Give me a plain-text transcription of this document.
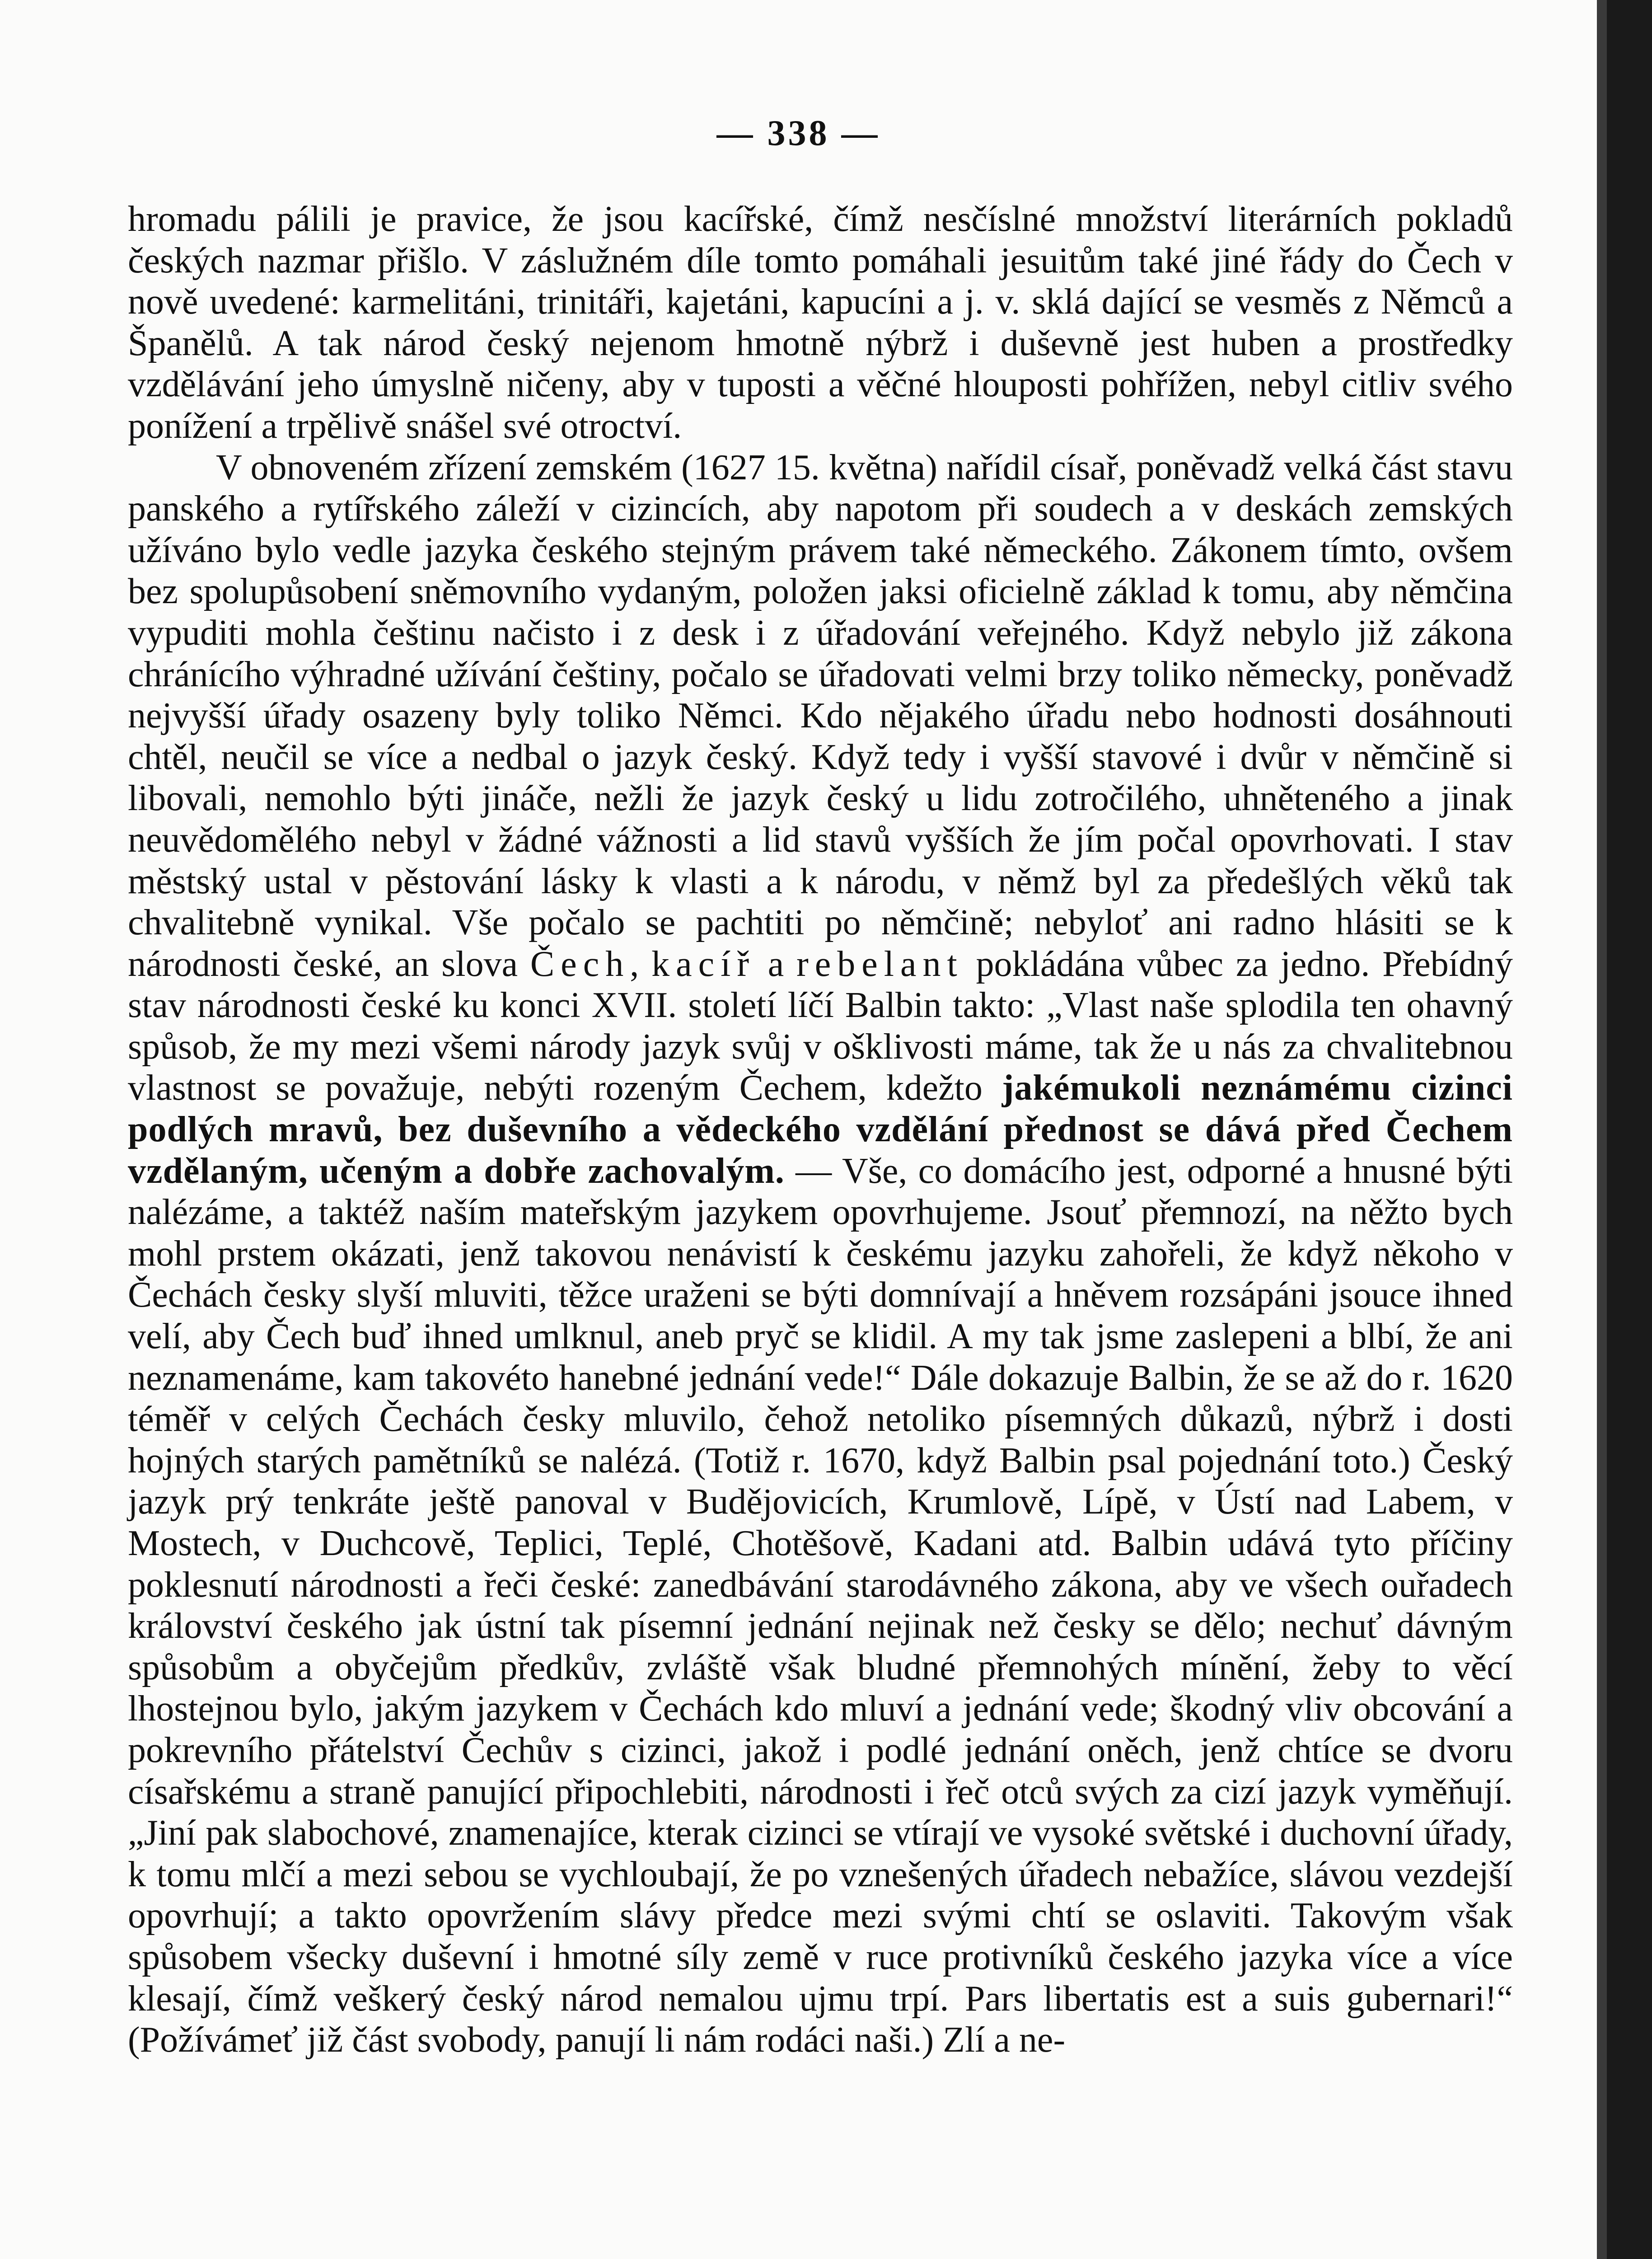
— 338 —

hromadu pálili je pravice, že jsou kacířské, čímž nesčíslné množství literárních pokladů českých nazmar přišlo. V záslužném díle tomto pomáhali jesuitům také jiné řády do Čech v nově uvedené: karmelitáni, trinitáři, kajetáni, kapucíni a j. v. sklá dající se vesměs z Němců a Španělů. A tak národ český nejenom hmotně nýbrž i duševně jest huben a prostředky vzdělávání jeho úmyslně ničeny, aby v tuposti a věčné hlouposti pohřížen, nebyl citliv svého ponížení a trpělivě snášel své otroctví.

V obnoveném zřízení zemském (1627 15. května) nařídil císař, poněvadž velká část stavu panského a rytířského záleží v cizincích, aby napotom při soudech a v deskách zemských užíváno bylo vedle jazyka českého stejným právem také německého. Zákonem tímto, ovšem bez spolupůsobení sněmovního vydaným, položen jaksi oficielně základ k tomu, aby němčina vypuditi mohla češtinu načisto i z desk i z úřadování veřejného. Když nebylo již zákona chránícího výhradné užívání češtiny, počalo se úřadovati velmi brzy toliko německy, poněvadž nejvyšší úřady osazeny byly toliko Němci. Kdo nějakého úřadu nebo hodnosti dosáhnouti chtěl, neučil se více a nedbal o jazyk český. Když tedy i vyšší stavové i dvůr v němčině si libovali, nemohlo býti jináče, nežli že jazyk český u lidu zotročilého, uhněteného a jinak neuvědomělého nebyl v žádné vážnosti a lid stavů vyšších že jím počal opovrhovati. I stav městský ustal v pěstování lásky k vlasti a k národu, v němž byl za předešlých věků tak chvalitebně vynikal. Vše počalo se pachtiti po němčině; nebyloť ani radno hlásiti se k národnosti české, an slova Čech, kacíř a rebelant pokládána vůbec za jedno. Přebídný stav národnosti české ku konci XVII. století líčí Balbin takto: „Vlast naše splodila ten ohavný spůsob, že my mezi všemi národy jazyk svůj v ošklivosti máme, tak že u nás za chvalitebnou vlastnost se považuje, nebýti rozeným Čechem, kdežto jakémukoli neznámému cizinci podlých mravů, bez duševního a vědeckého vzdělání přednost se dává před Čechem vzdělaným, učeným a dobře zachovalým. — Vše, co domácího jest, odporné a hnusné býti nalézáme, a taktéž naším mateřským jazykem opovrhujeme. Jsouť přemnozí, na něžto bych mohl prstem okázati, jenž takovou nenávistí k českému jazyku zahořeli, že když někoho v Čechách česky slyší mluviti, těžce uraženi se býti domnívají a hněvem rozsápáni jsouce ihned velí, aby Čech buď ihned umlknul, aneb pryč se klidil. A my tak jsme zaslepeni a blbí, že ani neznamenáme, kam takovéto hanebné jednání vede!“ Dále dokazuje Balbin, že se až do r. 1620 téměř v celých Čechách česky mluvilo, čehož netoliko písemných důkazů, nýbrž i dosti hojných starých pamětníků se nalézá. (Totiž r. 1670, když Balbin psal pojednání toto.) Český jazyk prý tenkráte ještě panoval v Budějovicích, Krumlově, Lípě, v Ústí nad Labem, v Mostech, v Duchcově, Teplici, Teplé, Chotěšově, Kadani atd. Balbin udává tyto příčiny poklesnutí národnosti a řeči české: zanedbávání starodávného zákona, aby ve všech ouřadech království českého jak ústní tak písemní jednání nejinak než česky se dělo; nechuť dávným spůsobům a obyčejům předkův, zvláště však bludné přemnohých mínění, žeby to věcí lhostejnou bylo, jakým jazykem v Čechách kdo mluví a jednání vede; škodný vliv obcování a pokrevního přátelství Čechův s cizinci, jakož i podlé jednání oněch, jenž chtíce se dvoru císařskému a straně panující připochlebiti, národnosti i řeč otců svých za cizí jazyk vyměňují. „Jiní pak slabochové, znamenajíce, kterak cizinci se vtírají ve vysoké světské i duchovní úřady, k tomu mlčí a mezi sebou se vychloubají, že po vznešených úřadech nebažíce, slávou vezdejší opovrhují; a takto opovržením slávy předce mezi svými chtí se oslaviti. Takovým však spůsobem všecky duševní i hmotné síly země v ruce protivníků českého jazyka více a více klesají, čímž veškerý český národ nemalou ujmu trpí. Pars libertatis est a suis gubernari!“ (Požívámeť již část svobody, panují li nám rodáci naši.) Zlí a ne-
